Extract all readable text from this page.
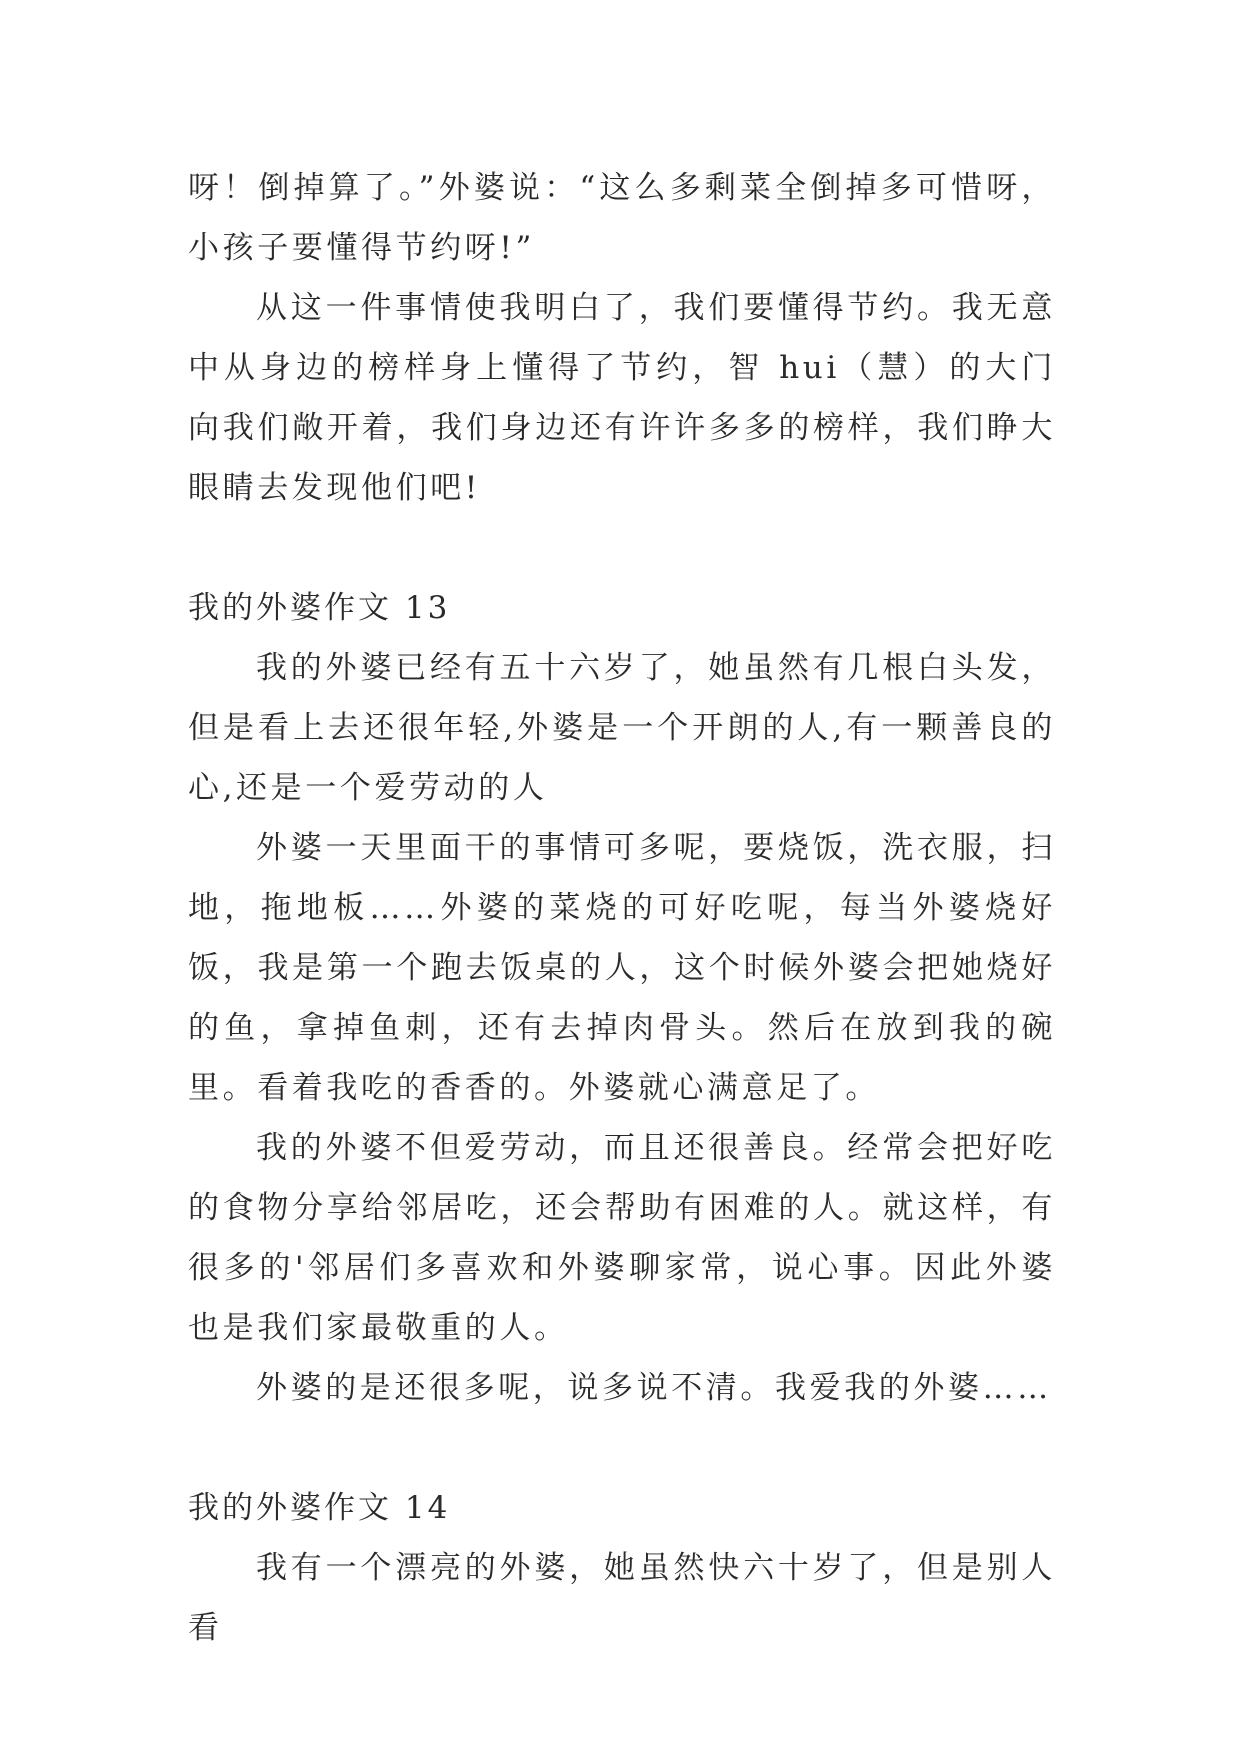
呀！倒掉算了。”外婆说：“这么多剩菜全倒掉多可惜呀，小孩子要懂得节约呀!”

从这一件事情使我明白了，我们要懂得节约。我无意中从身边的榜样身上懂得了节约，智 hui（慧）的大门向我们敞开着，我们身边还有许许多多的榜样，我们睁大眼睛去发现他们吧!

我的外婆作文 13

我的外婆已经有五十六岁了，她虽然有几根白头发，但是看上去还很年轻,外婆是一个开朗的人,有一颗善良的心,还是一个爱劳动的人

外婆一天里面干的事情可多呢，要烧饭，洗衣服，扫地，拖地板……外婆的菜烧的可好吃呢，每当外婆烧好饭，我是第一个跑去饭桌的人，这个时候外婆会把她烧好的鱼，拿掉鱼刺，还有去掉肉骨头。然后在放到我的碗里。看着我吃的香香的。外婆就心满意足了。

我的外婆不但爱劳动，而且还很善良。经常会把好吃的食物分享给邻居吃，还会帮助有困难的人。就这样，有很多的'邻居们多喜欢和外婆聊家常，说心事。因此外婆也是我们家最敬重的人。

外婆的是还很多呢，说多说不清。我爱我的外婆……

我的外婆作文 14

我有一个漂亮的外婆，她虽然快六十岁了，但是别人看
